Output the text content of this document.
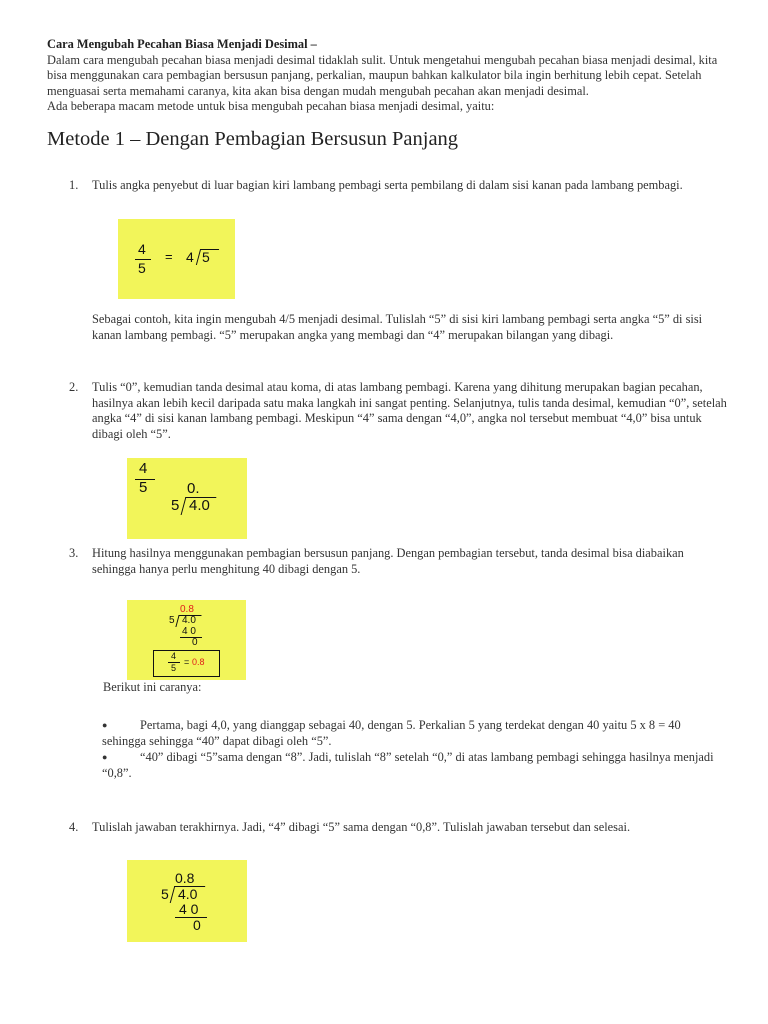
Cara Mengubah Pecahan Biasa Menjadi Desimal –

Dalam cara mengubah pecahan biasa menjadi desimal tidaklah sulit. Untuk mengetahui mengubah pecahan biasa menjadi desimal, kita bisa menggunakan cara pembagian bersusun panjang, perkalian, maupun bahkan kalkulator bila ingin berhitung lebih cepat. Setelah menguasai serta memahami caranya, kita akan bisa dengan mudah mengubah pecahan akan menjadi desimal.

Ada beberapa macam metode untuk bisa mengubah pecahan biasa menjadi desimal, yaitu:

Metode 1 – Dengan Pembagian Bersusun Panjang
1. Tulis angka penyebut di luar bagian kiri lambang pembagi serta pembilang di dalam sisi kanan pada lambang pembagi.
4
5
= 4 5
Sebagai contoh, kita ingin mengubah 4/5 menjadi desimal. Tulislah “5” di sisi kiri lambang pembagi serta angka “5” di sisi kanan lambang pembagi. “5” merupakan angka yang membagi dan “4” merupakan bilangan yang dibagi.
2. Tulis “0”, kemudian tanda desimal atau koma, di atas lambang pembagi. Karena yang dihitung merupakan bagian pecahan, hasilnya akan lebih kecil daripada satu maka langkah ini sangat penting. Selanjutnya, tulis tanda desimal, kemudian “0”, setelah angka “4” di sisi kanan lambang pembagi. Meskipun “4” sama dengan “4,0”, angka nol tersebut membuat “4,0” bisa untuk dibagi oleh “5”.
4
5	0.
5 4.0
3. Hitung hasilnya menggunakan pembagian bersusun panjang. Dengan pembagian tersebut, tanda desimal bisa diabaikan sehingga hanya perlu menghitung 40 dibagi dengan 5.
0.8
5 4.0
4 0
0
4
5
= 0.8
Berikut ini caranya:
●	Pertama, bagi 4,0, yang dianggap sebagai 40, dengan 5. Perkalian 5 yang terdekat dengan 40 yaitu 5 x 8 = 40 sehingga sehingga “40” dapat dibagi oleh “5”.
●	“40” dibagi “5”sama dengan “8”. Jadi, tulislah “8” setelah “0,” di atas lambang pembagi sehingga hasilnya menjadi “0,8”.
4. Tulislah jawaban terakhirnya. Jadi, “4” dibagi “5” sama dengan “0,8”. Tulislah jawaban tersebut dan selesai.
0.8
5 4.0
4 0
0
